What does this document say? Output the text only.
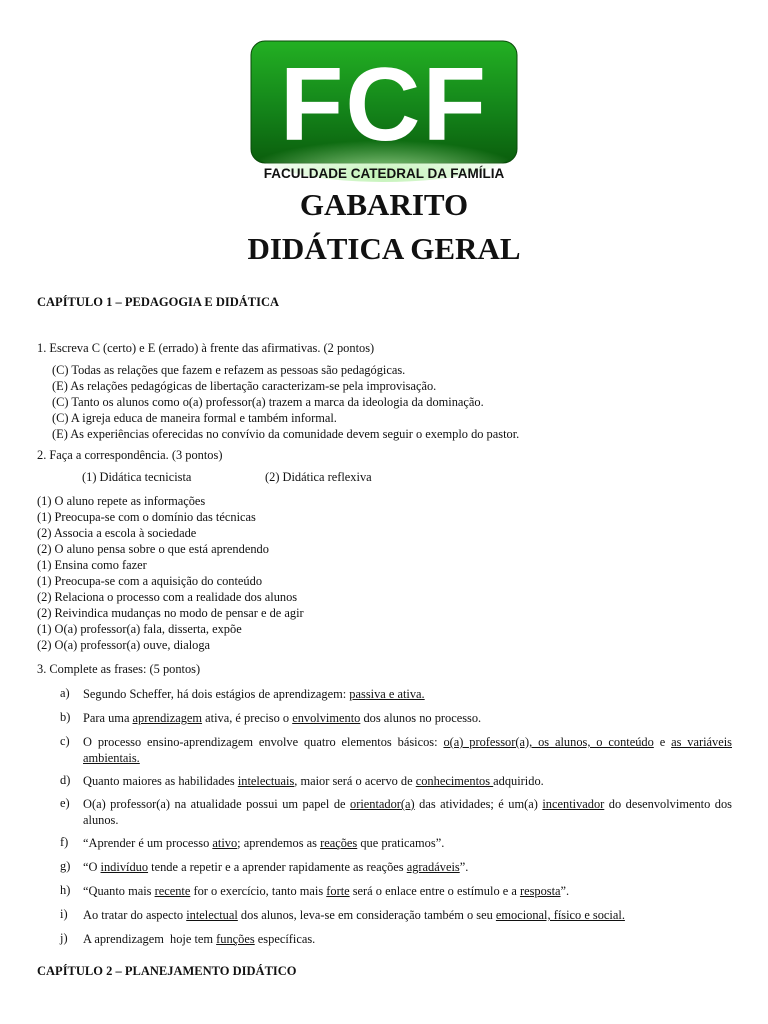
FCF
FACULDADE CATEDRAL DA FAMÍLIA
GABARITO
DIDÁTICA GERAL

CAPÍTULO 1 – PEDAGOGIA E DIDÁTICA

1. Escreva C (certo) e E (errado) à frente das afirmativas. (2 pontos)

(C) Todas as relações que fazem e refazem as pessoas são pedagógicas.
(E) As relações pedagógicas de libertação caracterizam-se pela improvisação.
(C) Tanto os alunos como o(a) professor(a) trazem a marca da ideologia da dominação.
(C) A igreja educa de maneira formal e também informal.
(E) As experiências oferecidas no convívio da comunidade devem seguir o exemplo do pastor.

2. Faça a correspondência. (3 pontos)

(1) Didática tecnicista	(2) Didática reflexiva
(1) O aluno repete as informações
(1) Preocupa-se com o domínio das técnicas
(2) Associa a escola à sociedade
(2) O aluno pensa sobre o que está aprendendo
(1) Ensina como fazer
(1) Preocupa-se com a aquisição do conteúdo
(2) Relaciona o processo com a realidade dos alunos
(2) Reivindica mudanças no modo de pensar e de agir
(1) O(a) professor(a) fala, disserta, expõe
(2) O(a) professor(a) ouve, dialoga

3. Complete as frases: (5 pontos)

a) Segundo Scheffer, há dois estágios de aprendizagem: passiva e ativa.
b) Para uma aprendizagem ativa, é preciso o envolvimento dos alunos no processo.
c) O processo ensino-aprendizagem envolve quatro elementos básicos: o(a) professor(a), os alunos, o conteúdo e as variáveis ambientais.
d) Quanto maiores as habilidades intelectuais, maior será o acervo de conhecimentos adquirido.
e) O(a) professor(a) na atualidade possui um papel de orientador(a) das atividades; é um(a) incentivador do desenvolvimento dos alunos.
f) “Aprender é um processo ativo; aprendemos as reações que praticamos”.
g) “O indivíduo tende a repetir e a aprender rapidamente as reações agradáveis”.
h) “Quanto mais recente for o exercício, tanto mais forte será o enlace entre o estímulo e a resposta”.
i) Ao tratar do aspecto intelectual dos alunos, leva-se em consideração também o seu emocional, físico e social.
j) A aprendizagem  hoje tem funções específicas.

CAPÍTULO 2 – PLANEJAMENTO DIDÁTICO
